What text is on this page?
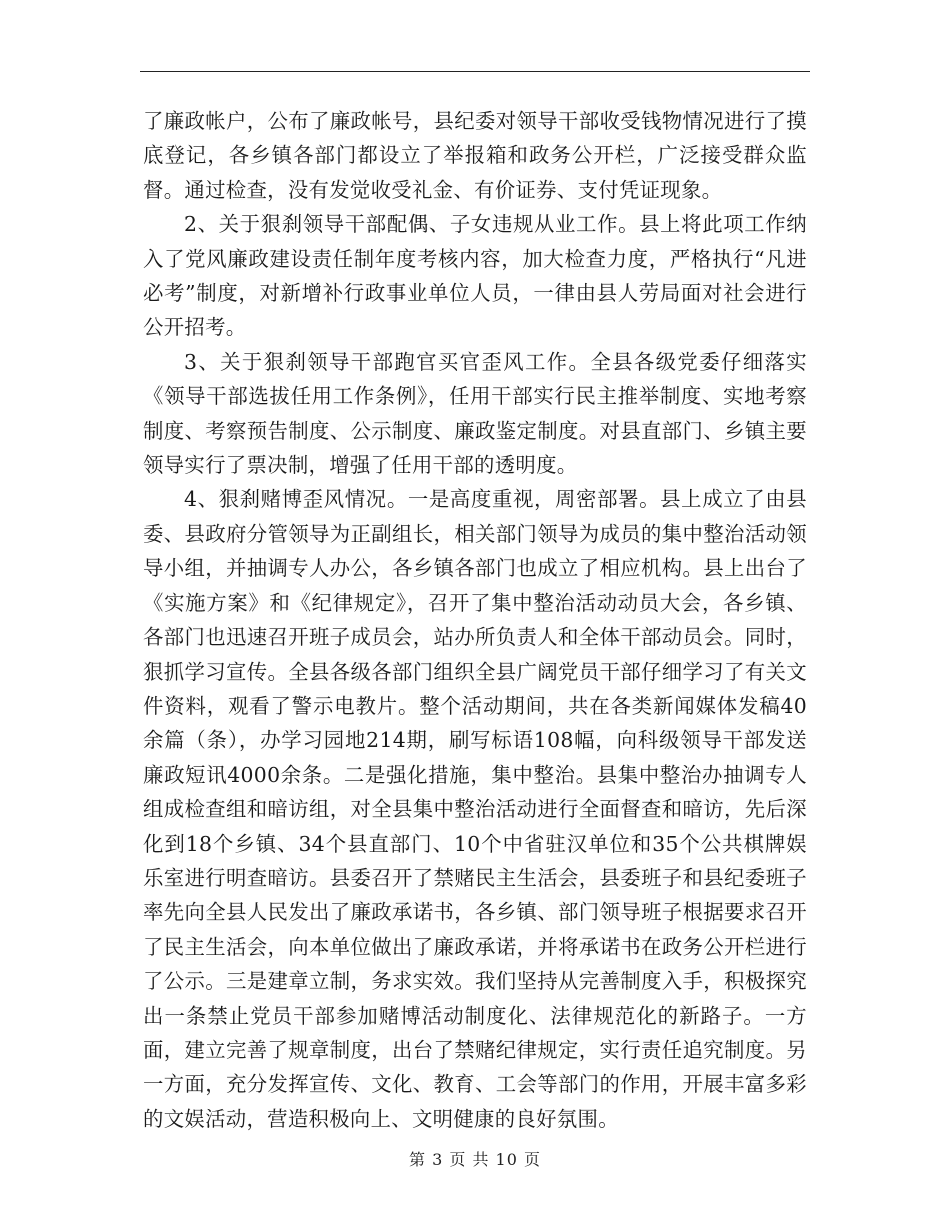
了廉政帐户，公布了廉政帐号，县纪委对领导干部收受钱物情况进行了摸底登记，各乡镇各部门都设立了举报箱和政务公开栏，广泛接受群众监督。通过检查，没有发觉收受礼金、有价证券、支付凭证现象。

2、关于狠刹领导干部配偶、子女违规从业工作。县上将此项工作纳入了党风廉政建设责任制年度考核内容，加大检查力度，严格执行“凡进必考”制度，对新增补行政事业单位人员，一律由县人劳局面对社会进行公开招考。

3、关于狠刹领导干部跑官买官歪风工作。全县各级党委仔细落实《领导干部选拔任用工作条例》，任用干部实行民主推举制度、实地考察制度、考察预告制度、公示制度、廉政鉴定制度。对县直部门、乡镇主要领导实行了票决制，增强了任用干部的透明度。

4、狠刹赌博歪风情况。一是高度重视，周密部署。县上成立了由县委、县政府分管领导为正副组长，相关部门领导为成员的集中整治活动领导小组，并抽调专人办公，各乡镇各部门也成立了相应机构。县上出台了《实施方案》和《纪律规定》，召开了集中整治活动动员大会，各乡镇、各部门也迅速召开班子成员会，站办所负责人和全体干部动员会。同时，狠抓学习宣传。全县各级各部门组织全县广阔党员干部仔细学习了有关文件资料，观看了警示电教片。整个活动期间，共在各类新闻媒体发稿40余篇（条），办学习园地214期，刷写标语108幅，向科级领导干部发送廉政短讯4000余条。二是强化措施，集中整治。县集中整治办抽调专人组成检查组和暗访组，对全县集中整治活动进行全面督查和暗访，先后深化到18个乡镇、34个县直部门、10个中省驻汉单位和35个公共棋牌娱乐室进行明查暗访。县委召开了禁赌民主生活会，县委班子和县纪委班子率先向全县人民发出了廉政承诺书，各乡镇、部门领导班子根据要求召开了民主生活会，向本单位做出了廉政承诺，并将承诺书在政务公开栏进行了公示。三是建章立制，务求实效。我们坚持从完善制度入手，积极探究出一条禁止党员干部参加赌博活动制度化、法律规范化的新路子。一方面，建立完善了规章制度，出台了禁赌纪律规定，实行责任追究制度。另一方面，充分发挥宣传、文化、教育、工会等部门的作用，开展丰富多彩的文娱活动，营造积极向上、文明健康的良好氛围。

第 3 页 共 10 页
